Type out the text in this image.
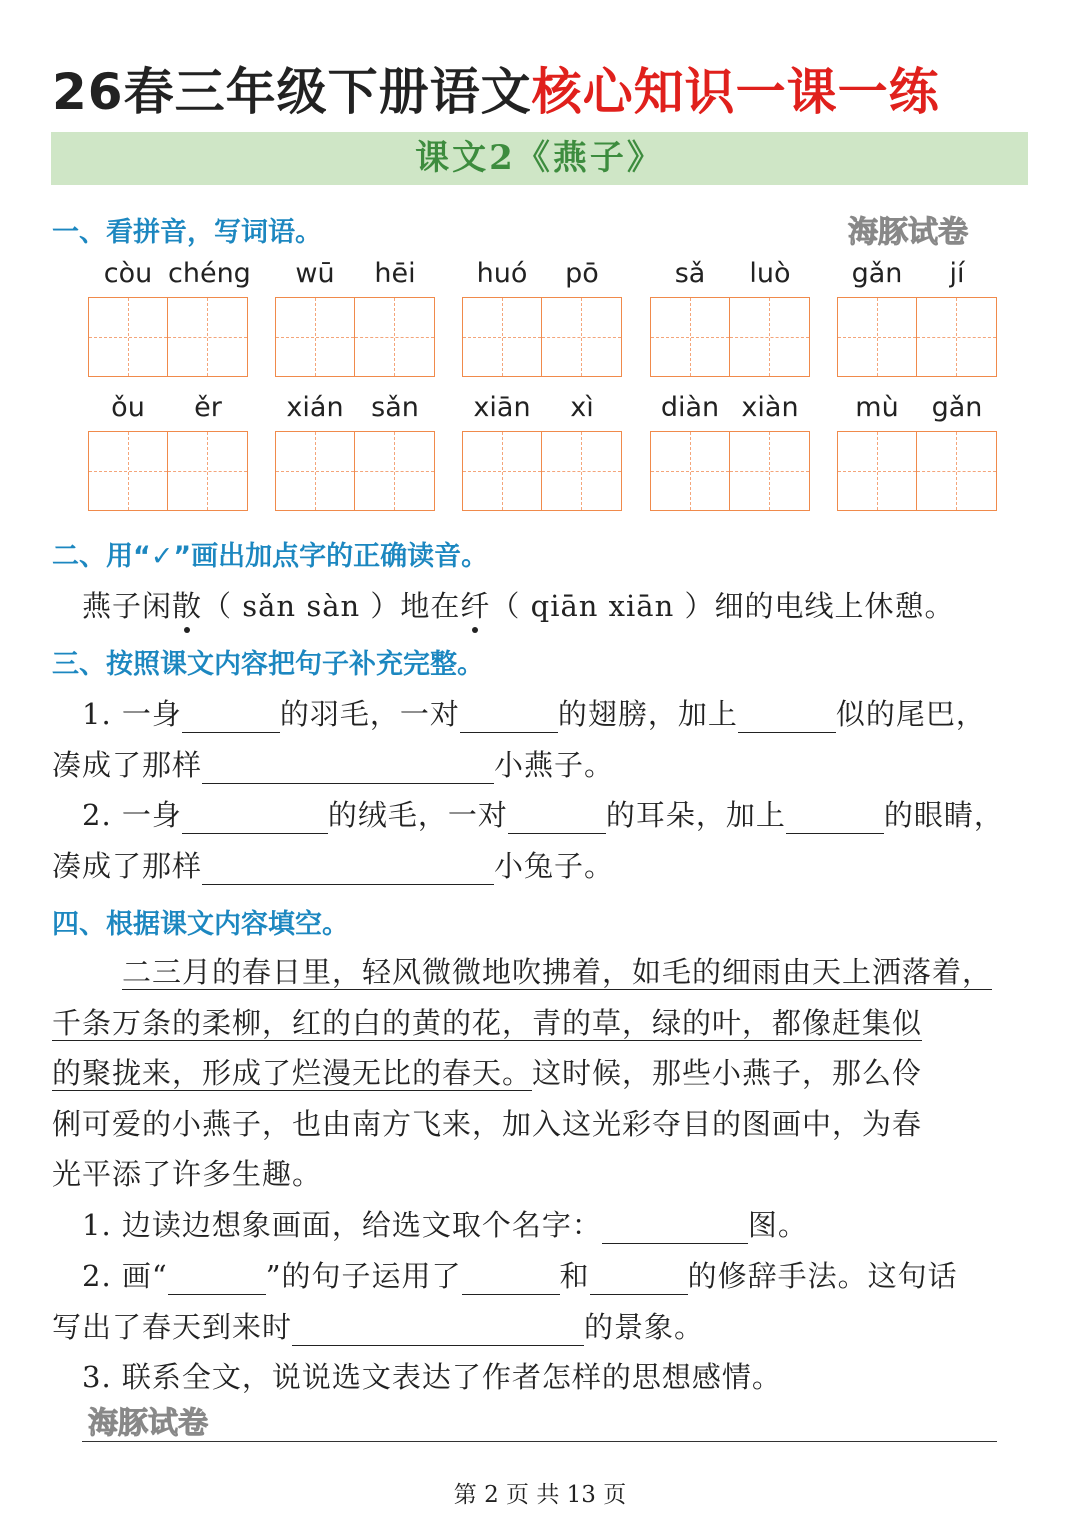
26春三年级下册语文核心知识一课一练
课文2《燕子》
一、看拼音，写词语。
còu chéng	wū	hēi	huó	pō	sǎ	luò	gǎn	jí
ǒu	ěr	xián	sǎn	xiān	xì	diàn xiàn	mù	gǎn
二、用“✓”画出加点字的正确读音。
燕子闲散（ sǎn sàn ）地在纤（ qiān xiān ）细的电线上休憩。
三、按照课文内容把句子补充完整。
1. 一身	的羽毛，一对	的翅膀，加上	似的尾巴，
凑成了那样	小燕子。
2. 一身	的绒毛，一对	的耳朵，加上	的眼睛，
凑成了那样	小兔子。
四、根据课文内容填空。
二三月的春日里，轻风微微地吹拂着，如毛的细雨由天上洒落着，
千条万条的柔柳，红的白的黄的花，青的草，绿的叶，都像赶集似
的聚拢来，形成了烂漫无比的春天。这时候，那些小燕子，那么伶
俐可爱的小燕子，也由南方飞来，加入这光彩夺目的图画中，为春
光平添了许多生趣。
1. 边读边想象画面，给选文取个名字：	图。
2. 画“	”的句子运用了	和	的修辞手法。这句话
写出了春天到来时	的景象。
3. 联系全文，说说选文表达了作者怎样的思想感情。
海豚试卷
海豚试卷
第 2 页 共 13 页
